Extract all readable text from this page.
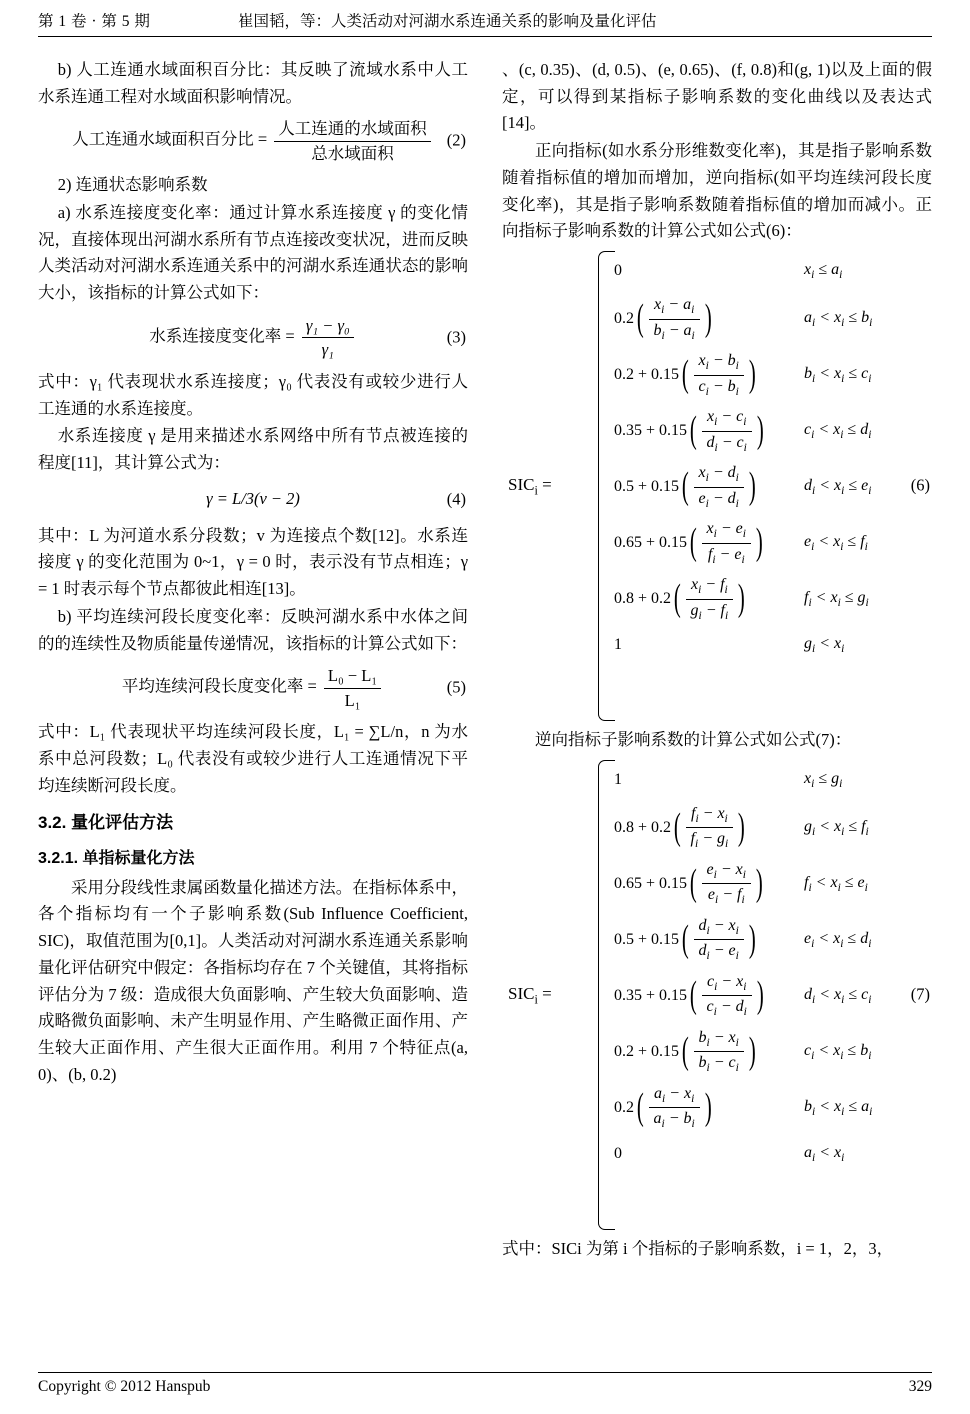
第 1 卷 · 第 5 期	崔国韬，等：人类活动对河湖水系连通关系的影响及量化评估

b) 人工连通水域面积百分比：其反映了流域水系中人工水系连通工程对水域面积影响情况。

人工连通水域面积百分比 = $\frac{\text{人工连通的水域面积}}{\text{总水域面积}} (2)$

2) 连通状态影响系数

a) 水系连接度变化率：通过计算水系连接度 γ 的变化情况，直接体现出河湖水系所有节点连接改变状况，进而反映人类活动对河湖水系连通关系中的河湖水系连通状态的影响大小，该指标的计算公式如下：

水系连接度变化率 = $\frac{\text{γ₁ − γ₀}}{\text{γ₁}}$	(3)

式中：γ₁ 代表现状水系连接度；γ₀ 代表没有或较少进行人工连通的水系连接度。

水系连接度 γ 是用来描述水系网络中所有节点被连接的程度[11]，其计算公式为：

γ = L/3(v − 2)	(4)

其中：L 为河道水系分段数；v 为连接点个数[12]。水系连接度 γ 的变化范围为 0~1，γ = 0 时，表示没有节点相连；γ = 1 时表示每个节点都彼此相连[13]。

b) 平均连续河段长度变化率：反映河湖水系中水体之间的的连续性及物质能量传递情况，该指标的计算公式如下：

平均连续河段长度变化率 = $\frac{\text{L₀ − L₁}}{\text{L₁}}$	(5)

式中：L₁ 代表现状平均连续河段长度，L₁ = ∑L/n，n 为水系中总河段数；L₀ 代表没有或较少进行人工连通情况下平均连续断河段长度。

3.2. 量化评估方法
3.2.1. 单指标量化方法

采用分段线性隶属函数量化描述方法。在指标体系中，各个指标均有一个子影响系数(Sub Influence Coefficient, SIC)，取值范围为[0,1]。人类活动对河湖水系连通关系影响量化评估研究中假定：各指标均存在 7 个关键值，其将指标评估分为 7 级：造成很大负面影响、产生较大负面影响、造成略微负面影响、未产生明显作用、产生略微正面作用、产生较大正面作用、产生很大正面作用。利用 7 个特征点(a, 0)、(b, 0.2)

、(c, 0.35)、(d, 0.5)、(e, 0.65)、(f, 0.8)和(g, 1)以及上面的假定，可以得到某指标子影响系数的变化曲线以及表达式[14]。

正向指标(如水系分形维数变化率)，其是指子影响系数随着指标值的增加而增加，逆向指标(如平均连续河段长度变化率)，其是指子影响系数随着指标值的增加而减小。正向指标子影响系数的计算公式如公式(6)：

$SIC_i$ =
0	$x_i \le a_i$
0.2 ( $x_i - a_i$
$b_i - a_i$ )	$a_i < x_i \le b_i$
0.2 + 0.15 ( $x_i - b_i$
$c_i - b_i$ )	$b_i < x_i \le c_i$
0.35 + 0.15 ( $x_i - c_i$
$d_i - c_i$ )	$c_i < x_i \le d_i$
0.5 + 0.15 ( $x_i - d_i$
$e_i - d_i$ )	$d_i < x_i \le e_i$
0.65 + 0.15 ( $x_i - e_i$
$f_i - e_i$ )	$e_i < x_i \le f_i$
0.8 + 0.2 ( $x_i - f_i$
$g_i - f_i$ )	$f_i < x_i \le g_i$
1	$g_i < x_i$
(6)

逆向指标子影响系数的计算公式如公式(7)：

$SIC_i$ =
1	$x_i \le g_i$
0.8 + 0.2 ( $f_i - x_i$
$f_i - g_i$ )	$g_i < x_i \le f_i$
0.65 + 0.15 ( $e_i - x_i$
$e_i - f_i$ )	$f_i < x_i \le e_i$
0.5 + 0.15 ( $d_i - x_i$
$d_i - e_i$ )	$e_i < x_i \le d_i$
0.35 + 0.15 ( $c_i - x_i$
$c_i - d_i$ )	$d_i < x_i \le c_i$
0.2 + 0.15 ( $b_i - x_i$
$b_i - c_i$ )	$c_i < x_i \le b_i$
0.2 ( $a_i - x_i$
$a_i - b_i$ )	$b_i < x_i \le a_i$
0	$a_i < x_i$
(7)

式中：SICi 为第 i 个指标的子影响系数，i = 1，2，3，

Copyright © 2012 Hanspub	329
